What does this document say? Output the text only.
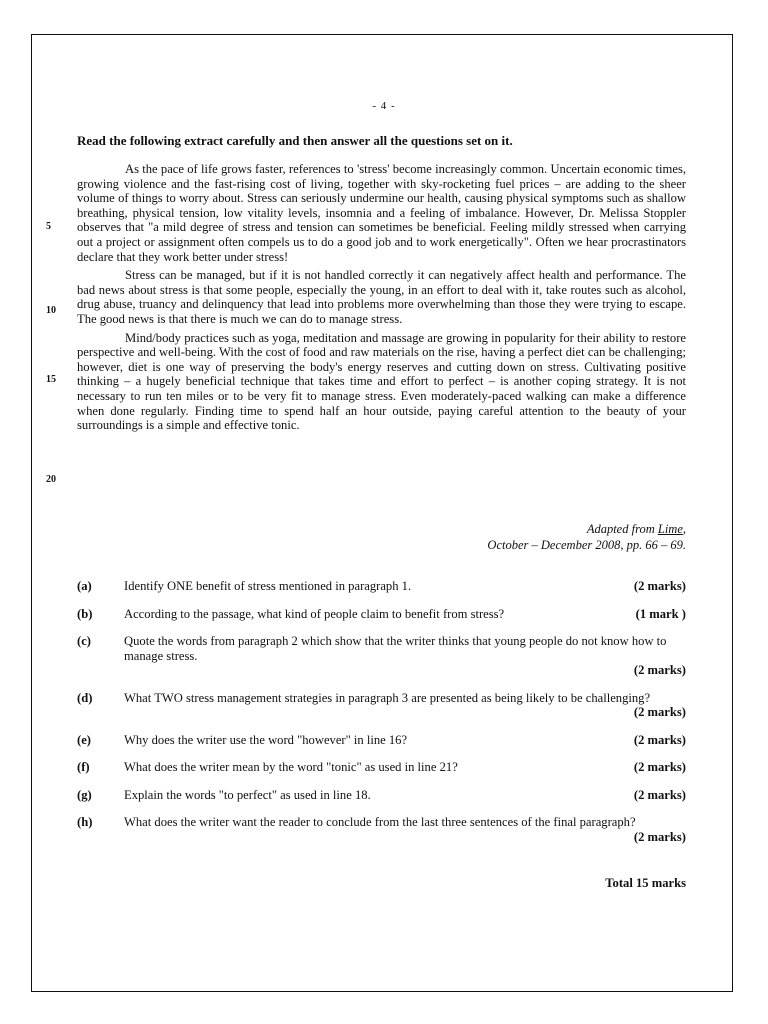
- 4 -
Read the following extract carefully and then answer all the questions set on it.
5
10
15
20

As the pace of life grows faster, references to 'stress' become increasingly common. Uncertain economic times, growing violence and the fast-rising cost of living, together with sky-rocketing fuel prices – are adding to the sheer volume of things to worry about. Stress can seriously undermine our health, causing physical symptoms such as shallow breathing, physical tension, low vitality levels, insomnia and a feeling of imbalance. However, Dr. Melissa Stoppler observes that "a mild degree of stress and tension can sometimes be beneficial. Feeling mildly stressed when carrying out a project or assignment often compels us to do a good job and to work energetically". Often we hear procrastinators declare that they work better under stress!

Stress can be managed, but if it is not handled correctly it can negatively affect health and performance. The bad news about stress is that some people, especially the young, in an effort to deal with it, take routes such as alcohol, drug abuse, truancy and delinquency that lead into problems more overwhelming than those they were trying to escape. The good news is that there is much we can do to manage stress.

Mind/body practices such as yoga, meditation and massage are growing in popularity for their ability to restore perspective and well-being. With the cost of food and raw materials on the rise, having a perfect diet can be challenging; however, diet is one way of preserving the body's energy reserves and cutting down on stress. Cultivating positive thinking – a hugely beneficial technique that takes time and effort to perfect – is another coping strategy. It is not necessary to run ten miles or to be very fit to manage stress. Even moderately-paced walking can make a difference when done regularly. Finding time to spend half an hour outside, paying careful attention to the beauty of your surroundings is a simple and effective tonic.

Adapted from Lime,
October – December 2008, pp. 66 – 69.
(a)	Identify ONE benefit of stress mentioned in paragraph 1.	(2 marks)
(b)	According to the passage, what kind of people claim to benefit from stress?	(1 mark )
(c)	Quote the words from paragraph 2 which show that the writer thinks that young people do not know how to manage stress.
(2 marks)
(d)	What TWO stress management strategies in paragraph 3 are presented as being likely to be challenging?
(2 marks)
(e)	Why does the writer use the word "however" in line 16?	(2 marks)
(f)	What does the writer mean by the word "tonic" as used in line 21?	(2 marks)
(g)	Explain the words "to perfect" as used in line 18.	(2 marks)
(h)	What does the writer want the reader to conclude from the last three sentences of the final paragraph?
(2 marks)
Total 15 marks
